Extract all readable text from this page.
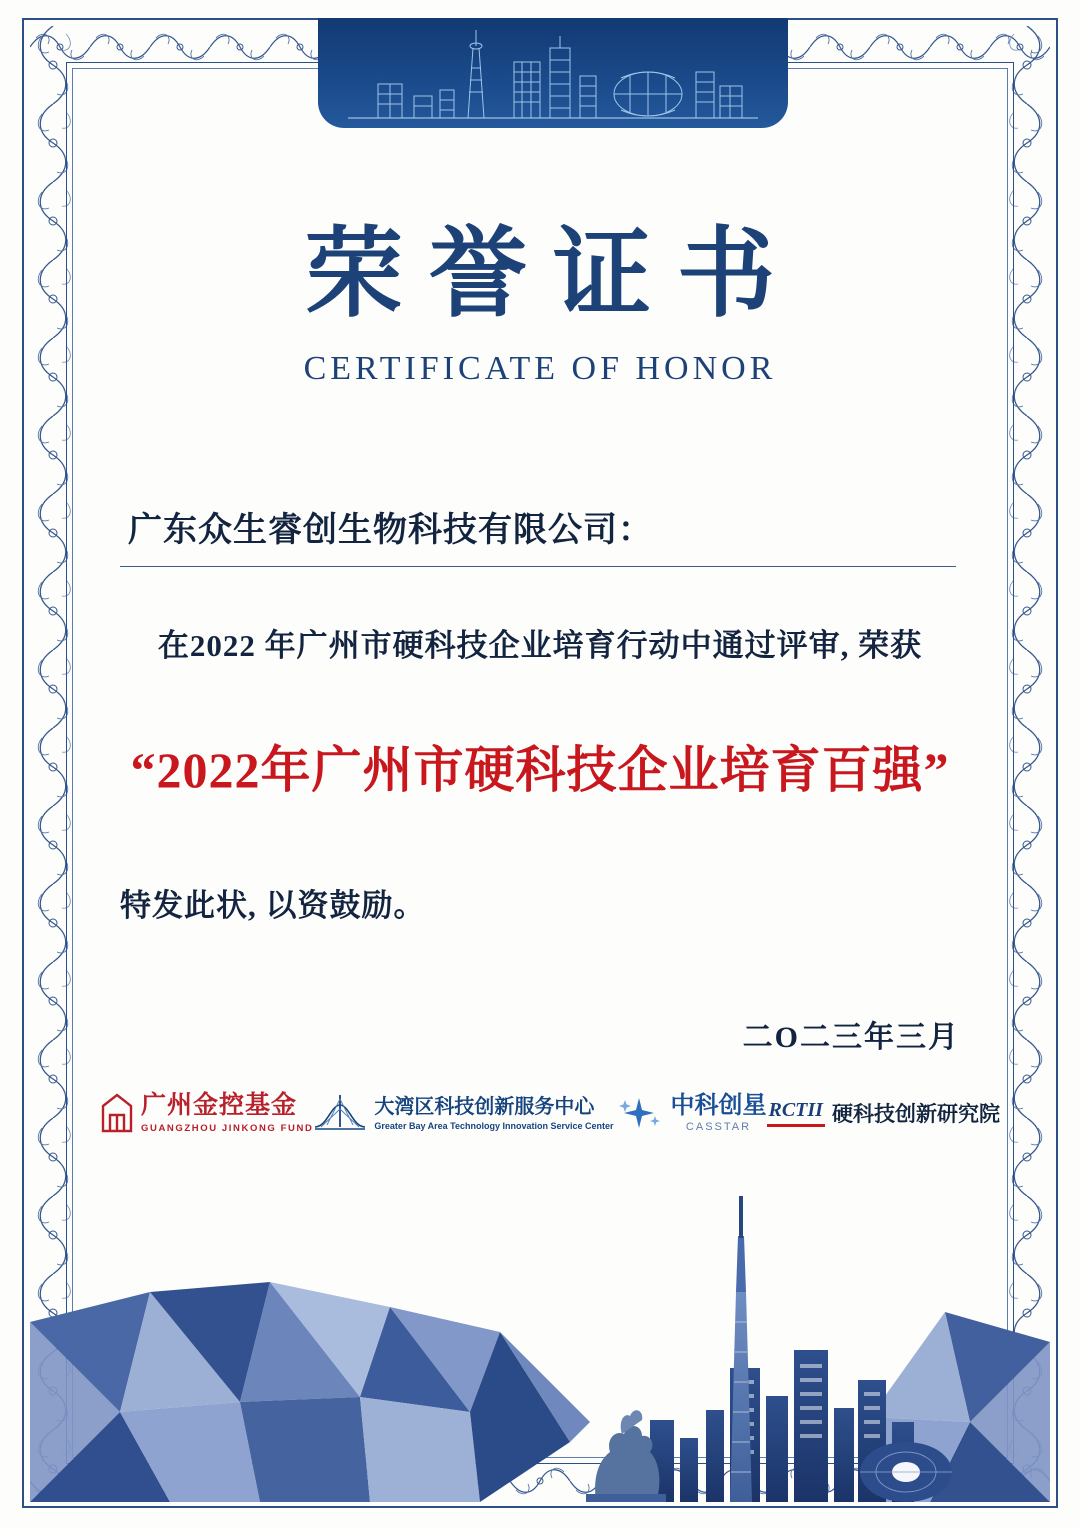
荣誉证书
CERTIFICATE OF HONOR
广东众生睿创生物科技有限公司：
在2022 年广州市硬科技企业培育行动中通过评审, 荣获
“2022年广州市硬科技企业培育百强”
特发此状, 以资鼓励。
二O二三年三月
广州金控基金
GUANGZHOU JINKONG FUND
大湾区科技创新服务中心
Greater Bay Area Technology Innovation Service Center
中科创星
CASSTAR
RCTII 硬科技创新研究院
